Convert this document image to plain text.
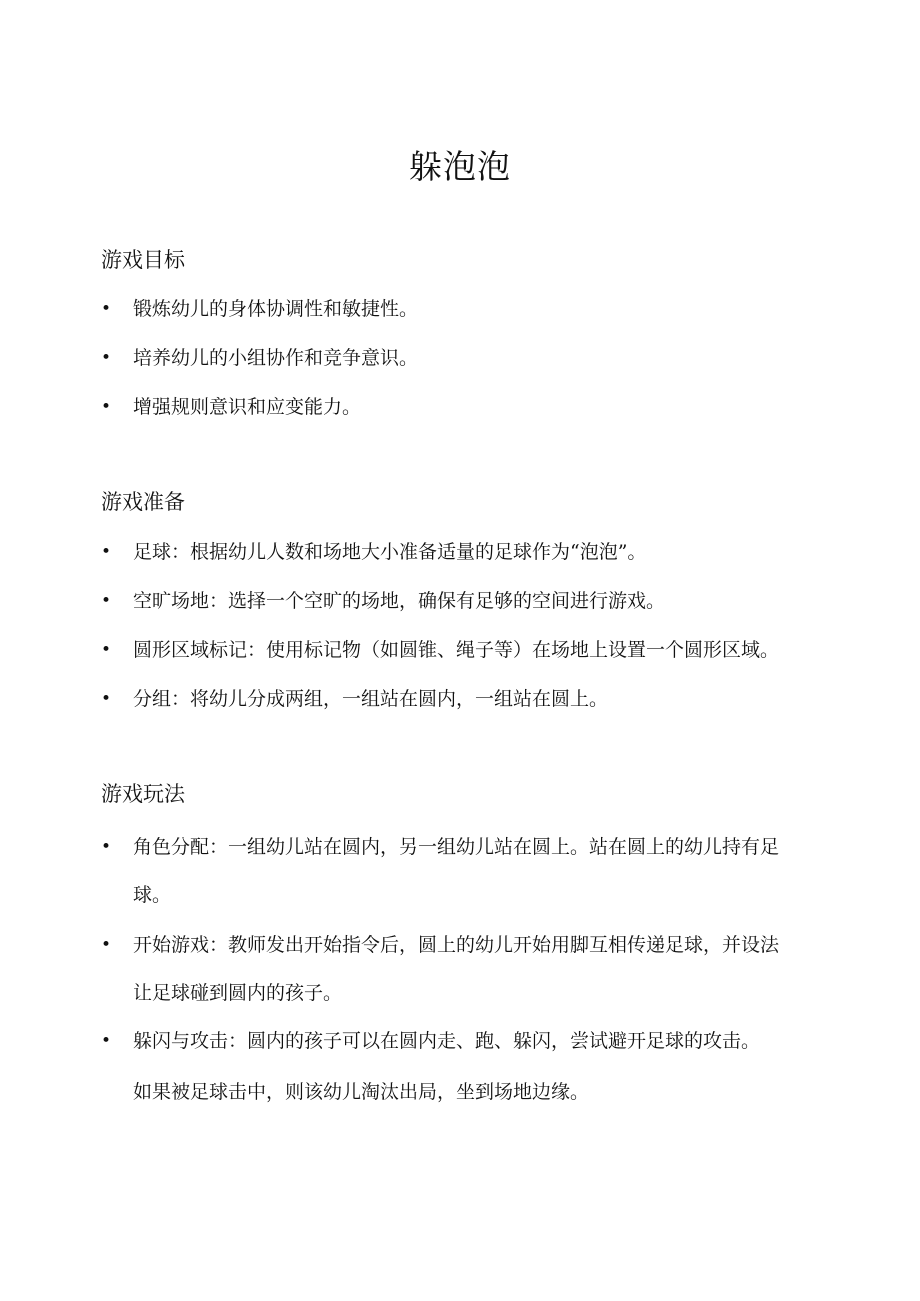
躲泡泡
游戏目标
• 锻炼幼儿的身体协调性和敏捷性。
• 培养幼儿的小组协作和竞争意识。
• 增强规则意识和应变能力。
游戏准备
• 足球：根据幼儿人数和场地大小准备适量的足球作为“泡泡”。
• 空旷场地：选择一个空旷的场地，确保有足够的空间进行游戏。
• 圆形区域标记：使用标记物（如圆锥、绳子等）在场地上设置一个圆形区域。
• 分组：将幼儿分成两组，一组站在圆内，一组站在圆上。
游戏玩法
• 角色分配：一组幼儿站在圆内，另一组幼儿站在圆上。站在圆上的幼儿持有足球。
• 开始游戏：教师发出开始指令后，圆上的幼儿开始用脚互相传递足球，并设法让足球碰到圆内的孩子。
• 躲闪与攻击：圆内的孩子可以在圆内走、跑、躲闪，尝试避开足球的攻击。

如果被足球击中，则该幼儿淘汰出局，坐到场地边缘。
